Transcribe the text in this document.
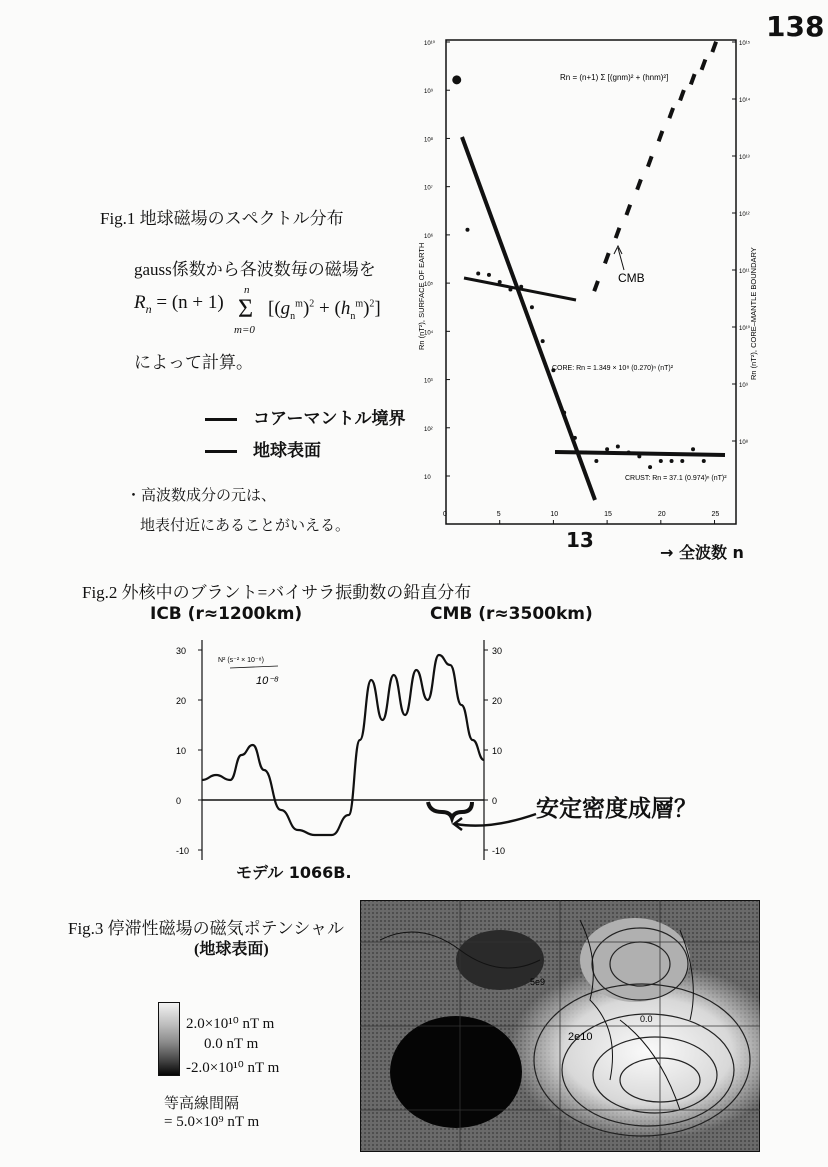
138
Fig.1 地球磁場のスペクトル分布
gauss係数から各波数毎の磁場を
$R_n = (n + 1)$
n
Σ
m=0
$[(g_n^m)^2 + (h_n^m)^2]$
によって計算。
コアーマントル境界
地球表面
・高波数成分の元は、
地表付近にあることがいえる。
10¹⁰
10⁹
10⁸
10⁷
10⁶
10⁵
10⁴
10³
10²
10
10¹⁵
10¹⁴
10¹³
10¹²
10¹¹
10¹⁰
10⁹
10⁸
0	5	10	15	20	25
Rn = (n+1) Σ [(gnm)² + (hnm)²]
CMB
CORE: Rn = 1.349 × 10⁸ (0.270)ⁿ (nT)²
CRUST: Rn = 37.1 (0.974)ⁿ (nT)²
Rn (nT²), SURFACE OF EARTH	Rn (nT²), CORE–MANTLE BOUNDARY
13
→ 全波数 n
Fig.2 外核中のブラント=バイサラ振動数の鉛直分布
ICB (r≈1200km)	CMB (r≈3500km)
30	30
20	20
10	10
0	0
-10	-10
N² (s⁻² × 10⁻⁸)
10⁻⁸
安定密度成層？
モデル 1066B.
Fig.3 停滞性磁場の磁気ポテンシャル
(地球表面)
2.0×10¹⁰ nT m
0.0 nT m
-2.0×10¹⁰ nT m
等高線間隔
= 5.0×10⁹ nT m
2e10
5e9
0.0
